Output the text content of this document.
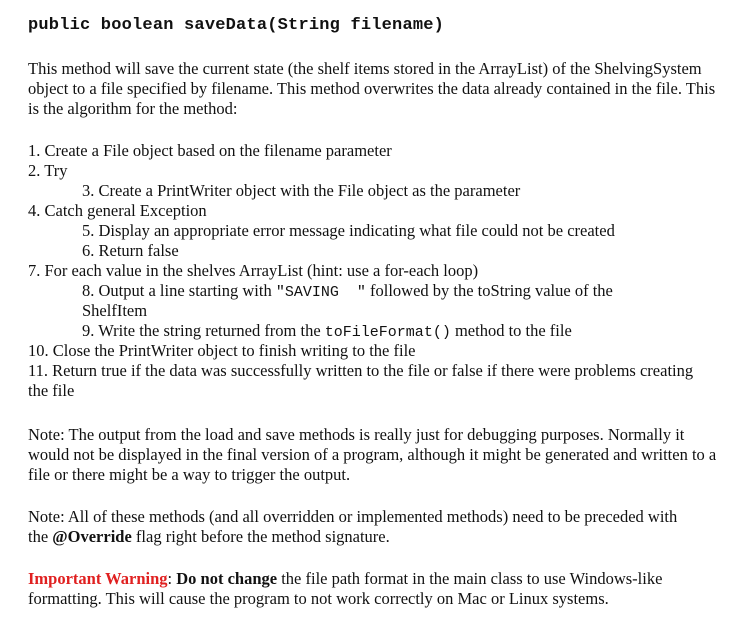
public boolean saveData(String filename)
This method will save the current state (the shelf items stored in the ArrayList) of the ShelvingSystem object to a file specified by filename. This method overwrites the data already contained in the file. This is the algorithm for the method:
1. Create a File object based on the filename parameter
2. Try
3. Create a PrintWriter object with the File object as the parameter
4. Catch general Exception
5. Display an appropriate error message indicating what file could not be created
6. Return false
7. For each value in the shelves ArrayList (hint: use a for-each loop)
8. Output a line starting with "SAVING  " followed by the toString value of the
ShelfItem
9. Write the string returned from the toFileFormat() method to the file
10. Close the PrintWriter object to finish writing to the file
11. Return true if the data was successfully written to the file or false if there were problems creating the file
Note: The output from the load and save methods is really just for debugging purposes. Normally it would not be displayed in the final version of a program, although it might be generated and written to a file or there might be a way to trigger the output.
Note: All of these methods (and all overridden or implemented methods) need to be preceded with the @Override flag right before the method signature.
Important Warning: Do not change the file path format in the main class to use Windows-like formatting. This will cause the program to not work correctly on Mac or Linux systems.
